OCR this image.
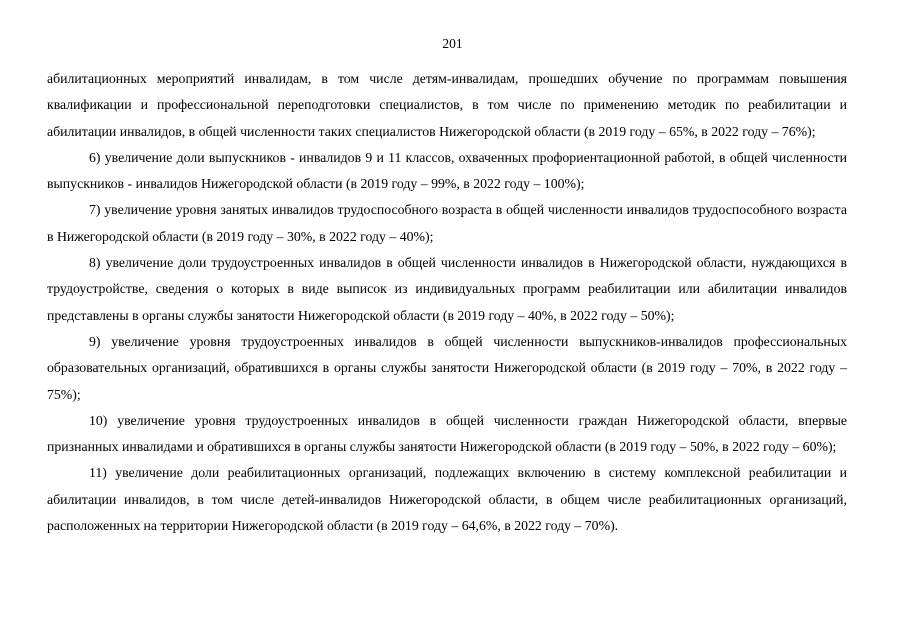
201

абилитационных мероприятий инвалидам, в том числе детям-инвалидам, прошедших обучение по программам повышения квалификации и профессиональной переподготовки специалистов, в том числе по применению методик по реабилитации и абилитации инвалидов, в общей численности таких специалистов Нижегородской области (в 2019 году – 65%, в 2022 году – 76%);

6) увеличение доли выпускников - инвалидов 9 и 11 классов, охваченных профориентационной работой, в общей численности выпускников - инвалидов Нижегородской области (в 2019 году – 99%, в 2022 году – 100%);

7) увеличение уровня занятых инвалидов трудоспособного возраста в общей численности инвалидов трудоспособного возраста в Нижегородской области (в 2019 году – 30%, в 2022 году – 40%);

8) увеличение доли трудоустроенных инвалидов в общей численности инвалидов в Нижегородской области, нуждающихся в трудоустройстве, сведения о которых в виде выписок из индивидуальных программ реабилитации или абилитации инвалидов представлены в органы службы занятости Нижегородской области (в 2019 году – 40%, в 2022 году – 50%);

9) увеличение уровня трудоустроенных инвалидов в общей численности выпускников-инвалидов профессиональных образовательных организаций, обратившихся в органы службы занятости Нижегородской области (в 2019 году – 70%, в 2022 году – 75%);

10) увеличение уровня трудоустроенных инвалидов в общей численности граждан Нижегородской области, впервые признанных инвалидами и обратившихся в органы службы занятости Нижегородской области (в 2019 году – 50%, в 2022 году – 60%);

11) увеличение доли реабилитационных организаций, подлежащих включению в систему комплексной реабилитации и абилитации инвалидов, в том числе детей-инвалидов Нижегородской области, в общем числе реабилитационных организаций, расположенных на территории Нижегородской области (в 2019 году – 64,6%, в 2022 году – 70%).
